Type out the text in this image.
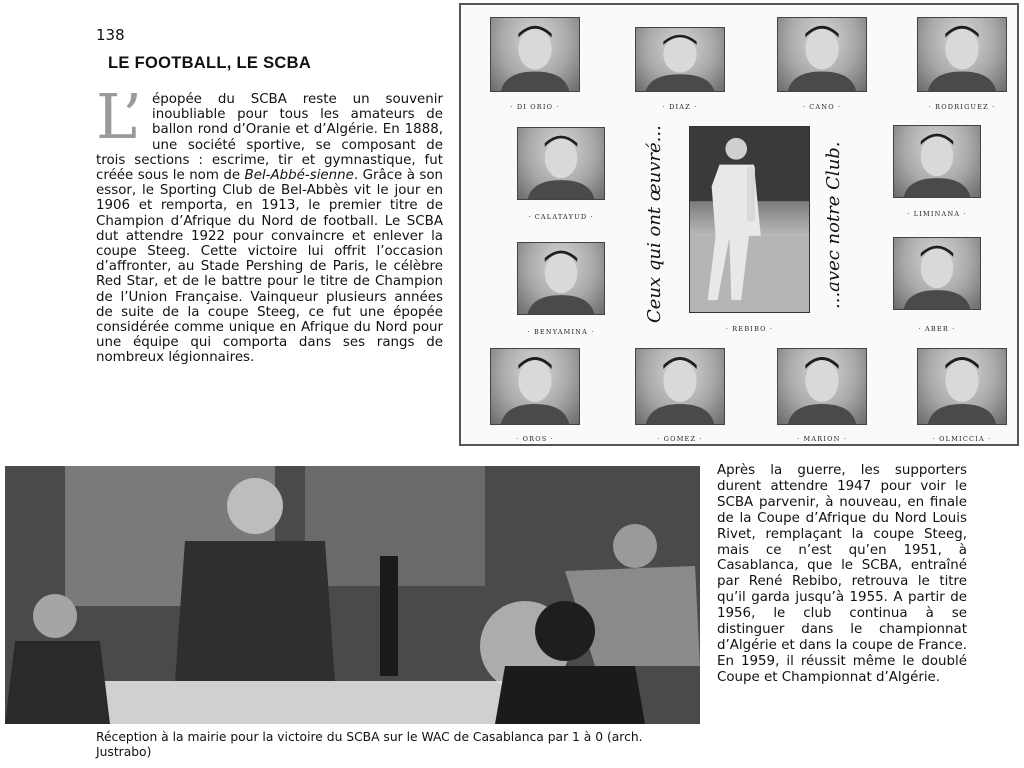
138
LE FOOTBALL, LE SCBA

L’ épopée du SCBA reste un souvenir inoubliable pour tous les amateurs de ballon rond d’Oranie et d’Algérie. En 1888, une société sportive, se composant de trois sections : escrime, tir et gymnastique, fut créée sous le nom de Bel-Abbé-sienne. Grâce à son essor, le Sporting Club de Bel-Abbès vit le jour en 1906 et remporta, en 1913, le premier titre de Champion d’Afrique du Nord de football. Le SCBA dut attendre 1922 pour convaincre et enlever la coupe Steeg. Cette victoire lui offrit l’occasion d’affronter, au Stade Pershing de Paris, le célèbre Red Star, et de le battre pour le titre de Champion de l’Union Française. Vainqueur plusieurs années de suite de la coupe Steeg, ce fut une épopée considérée comme unique en Afrique du Nord pour une équipe qui comporta dans ses rangs de nombreux légionnaires.

Ceux qui ont œuvré...	...avec notre Club.
· DI ORIO ·	· DIAZ ·	· CANO ·	· RODRIGUEZ ·
· CALATAYUD ·	· LIMINANA ·
· BENYAMINA ·	· REBIBO ·	· ABER ·
· OROS ·	· GOMEZ ·	· MARION ·	· OLMICCIA ·

Après la guerre, les supporters durent attendre 1947 pour voir le SCBA parvenir, à nouveau, en finale de la Coupe d’Afrique du Nord Louis Rivet, remplaçant la coupe Steeg, mais ce n’est qu’en 1951, à Casablanca, que le SCBA, entraîné par René Rebibo, retrouva le titre qu’il garda jusqu’à 1955. A partir de 1956, le club continua à se distinguer dans le championnat d’Algérie et dans la coupe de France. En 1959, il réussit même le doublé Coupe et Championnat d’Algérie.

Réception à la mairie pour la victoire du SCBA sur le WAC de Casablanca par 1 à 0 (arch. Justrabo)
